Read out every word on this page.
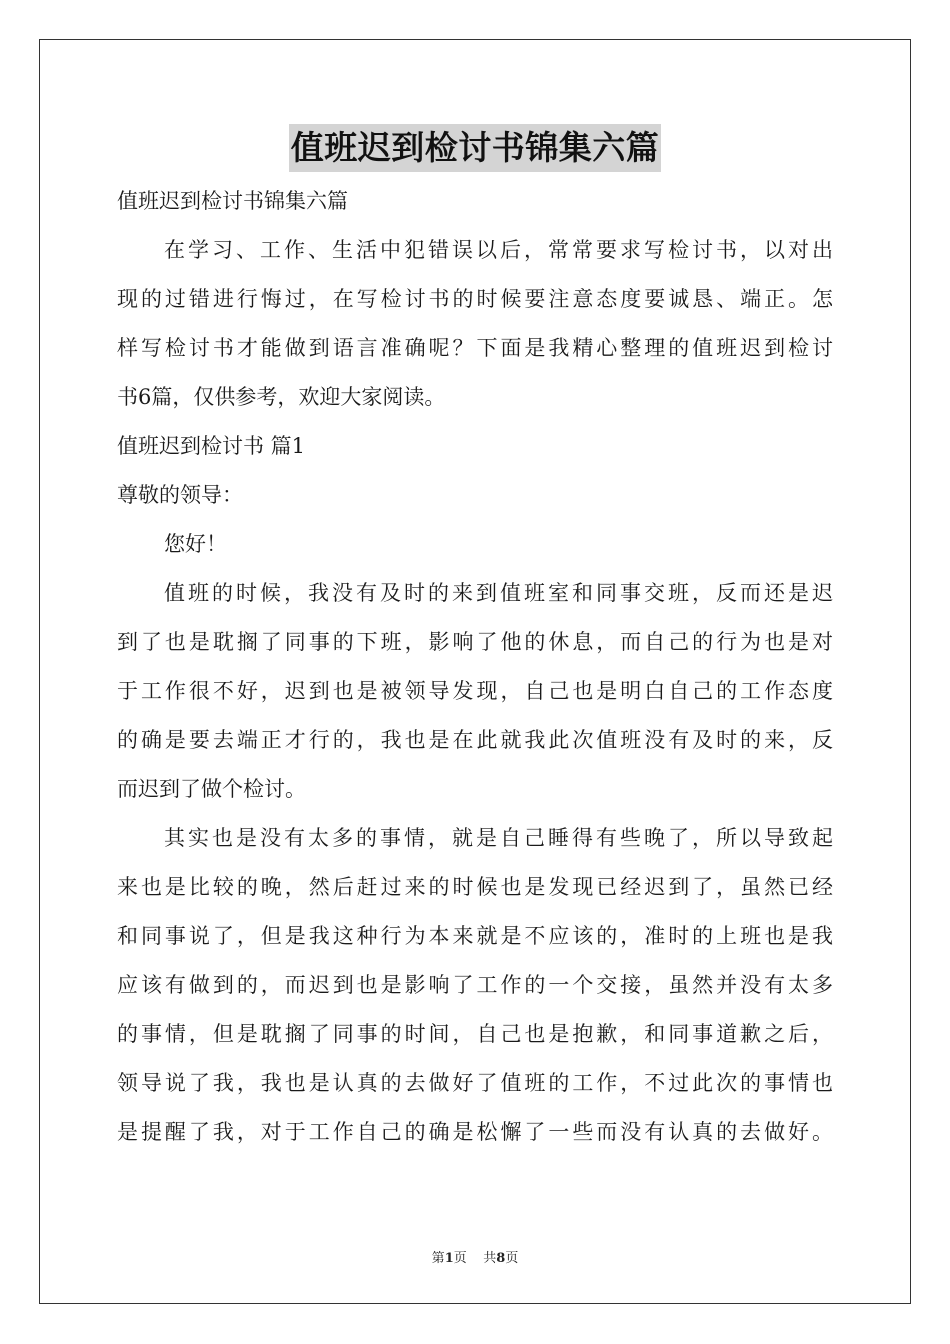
值班迟到检讨书锦集六篇

值班迟到检讨书锦集六篇

在学习、工作、生活中犯错误以后，常常要求写检讨书，以对出

现的过错进行悔过，在写检讨书的时候要注意态度要诚恳、端正。怎

样写检讨书才能做到语言准确呢？下面是我精心整理的值班迟到检讨

书6篇，仅供参考，欢迎大家阅读。

值班迟到检讨书 篇1

尊敬的领导：

您好！

值班的时候，我没有及时的来到值班室和同事交班，反而还是迟

到了也是耽搁了同事的下班，影响了他的休息，而自己的行为也是对

于工作很不好，迟到也是被领导发现，自己也是明白自己的工作态度

的确是要去端正才行的，我也是在此就我此次值班没有及时的来，反

而迟到了做个检讨。

其实也是没有太多的事情，就是自己睡得有些晚了，所以导致起

来也是比较的晚，然后赶过来的时候也是发现已经迟到了，虽然已经

和同事说了，但是我这种行为本来就是不应该的，准时的上班也是我

应该有做到的，而迟到也是影响了工作的一个交接，虽然并没有太多

的事情，但是耽搁了同事的时间，自己也是抱歉，和同事道歉之后，

领导说了我，我也是认真的去做好了值班的工作，不过此次的事情也

是提醒了我，对于工作自己的确是松懈了一些而没有认真的去做好。

第1页    共8页
